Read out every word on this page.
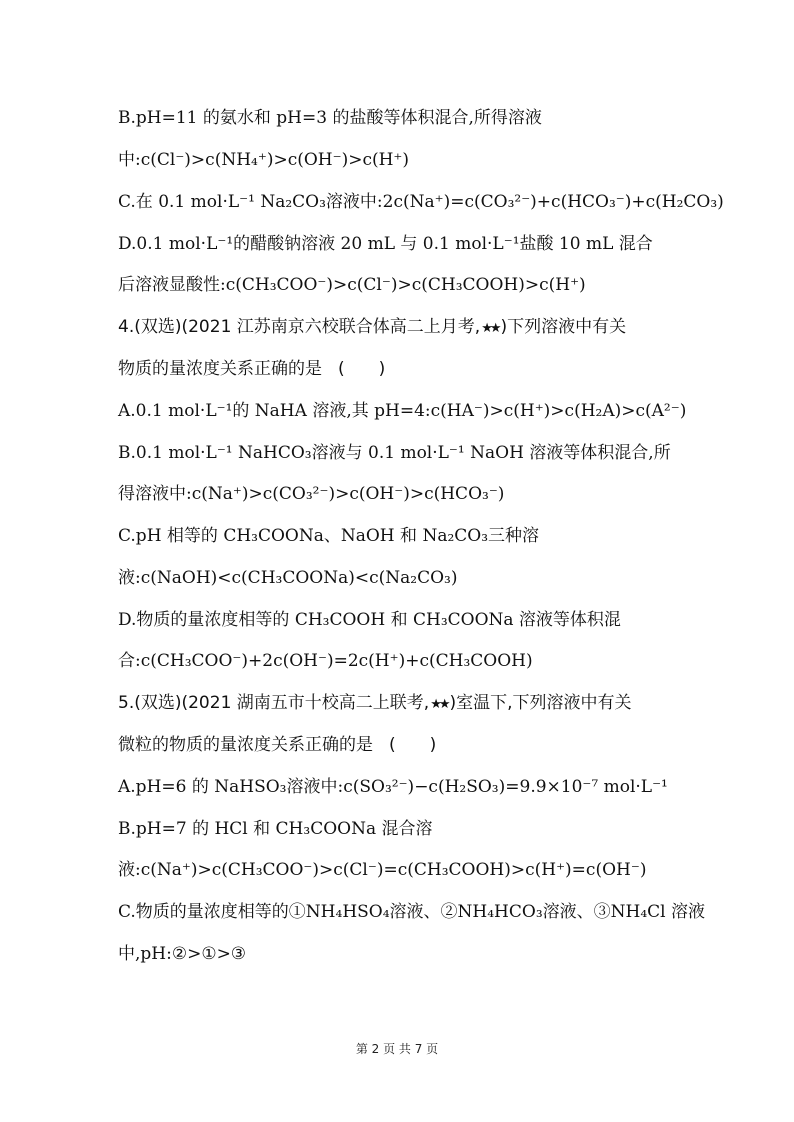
B.pH=11 的氨水和 pH=3 的盐酸等体积混合,所得溶液
中:c(Cl⁻)>c(NH₄⁺)>c(OH⁻)>c(H⁺)
C.在 0.1 mol·L⁻¹ Na₂CO₃溶液中:2c(Na⁺)=c(CO₃²⁻)+c(HCO₃⁻)+c(H₂CO₃)
D.0.1 mol·L⁻¹的醋酸钠溶液 20 mL 与 0.1 mol·L⁻¹盐酸 10 mL 混合
后溶液显酸性:c(CH₃COO⁻)>c(Cl⁻)>c(CH₃COOH)>c(H⁺)
4.(双选)(2021 江苏南京六校联合体高二上月考,★★ )下列溶液中有关
物质的量浓度关系正确的是 (　　)
A.0.1 mol·L⁻¹的 NaHA 溶液,其 pH=4:c(HA⁻)>c(H⁺)>c(H₂A)>c(A²⁻)
B.0.1 mol·L⁻¹ NaHCO₃溶液与 0.1 mol·L⁻¹ NaOH 溶液等体积混合,所
得溶液中:c(Na⁺)>c(CO₃²⁻)>c(OH⁻)>c(HCO₃⁻)
C.pH 相等的 CH₃COONa、NaOH 和 Na₂CO₃三种溶
液:c(NaOH)<c(CH₃COONa)<c(Na₂CO₃)
D.物质的量浓度相等的 CH₃COOH 和 CH₃COONa 溶液等体积混
合:c(CH₃COO⁻)+2c(OH⁻)=2c(H⁺)+c(CH₃COOH)
5.(双选)(2021 湖南五市十校高二上联考,★★ )室温下,下列溶液中有关
微粒的物质的量浓度关系正确的是 (　　)
A.pH=6 的 NaHSO₃溶液中:c(SO₃²⁻)−c(H₂SO₃)=9.9×10⁻⁷ mol·L⁻¹
B.pH=7 的 HCl 和 CH₃COONa 混合溶
液:c(Na⁺)>c(CH₃COO⁻)>c(Cl⁻)=c(CH₃COOH)>c(H⁺)=c(OH⁻)
C.物质的量浓度相等的①NH₄HSO₄溶液、②NH₄HCO₃溶液、③NH₄Cl 溶液
中,pH:②>①>③
第 2 页 共 7 页
